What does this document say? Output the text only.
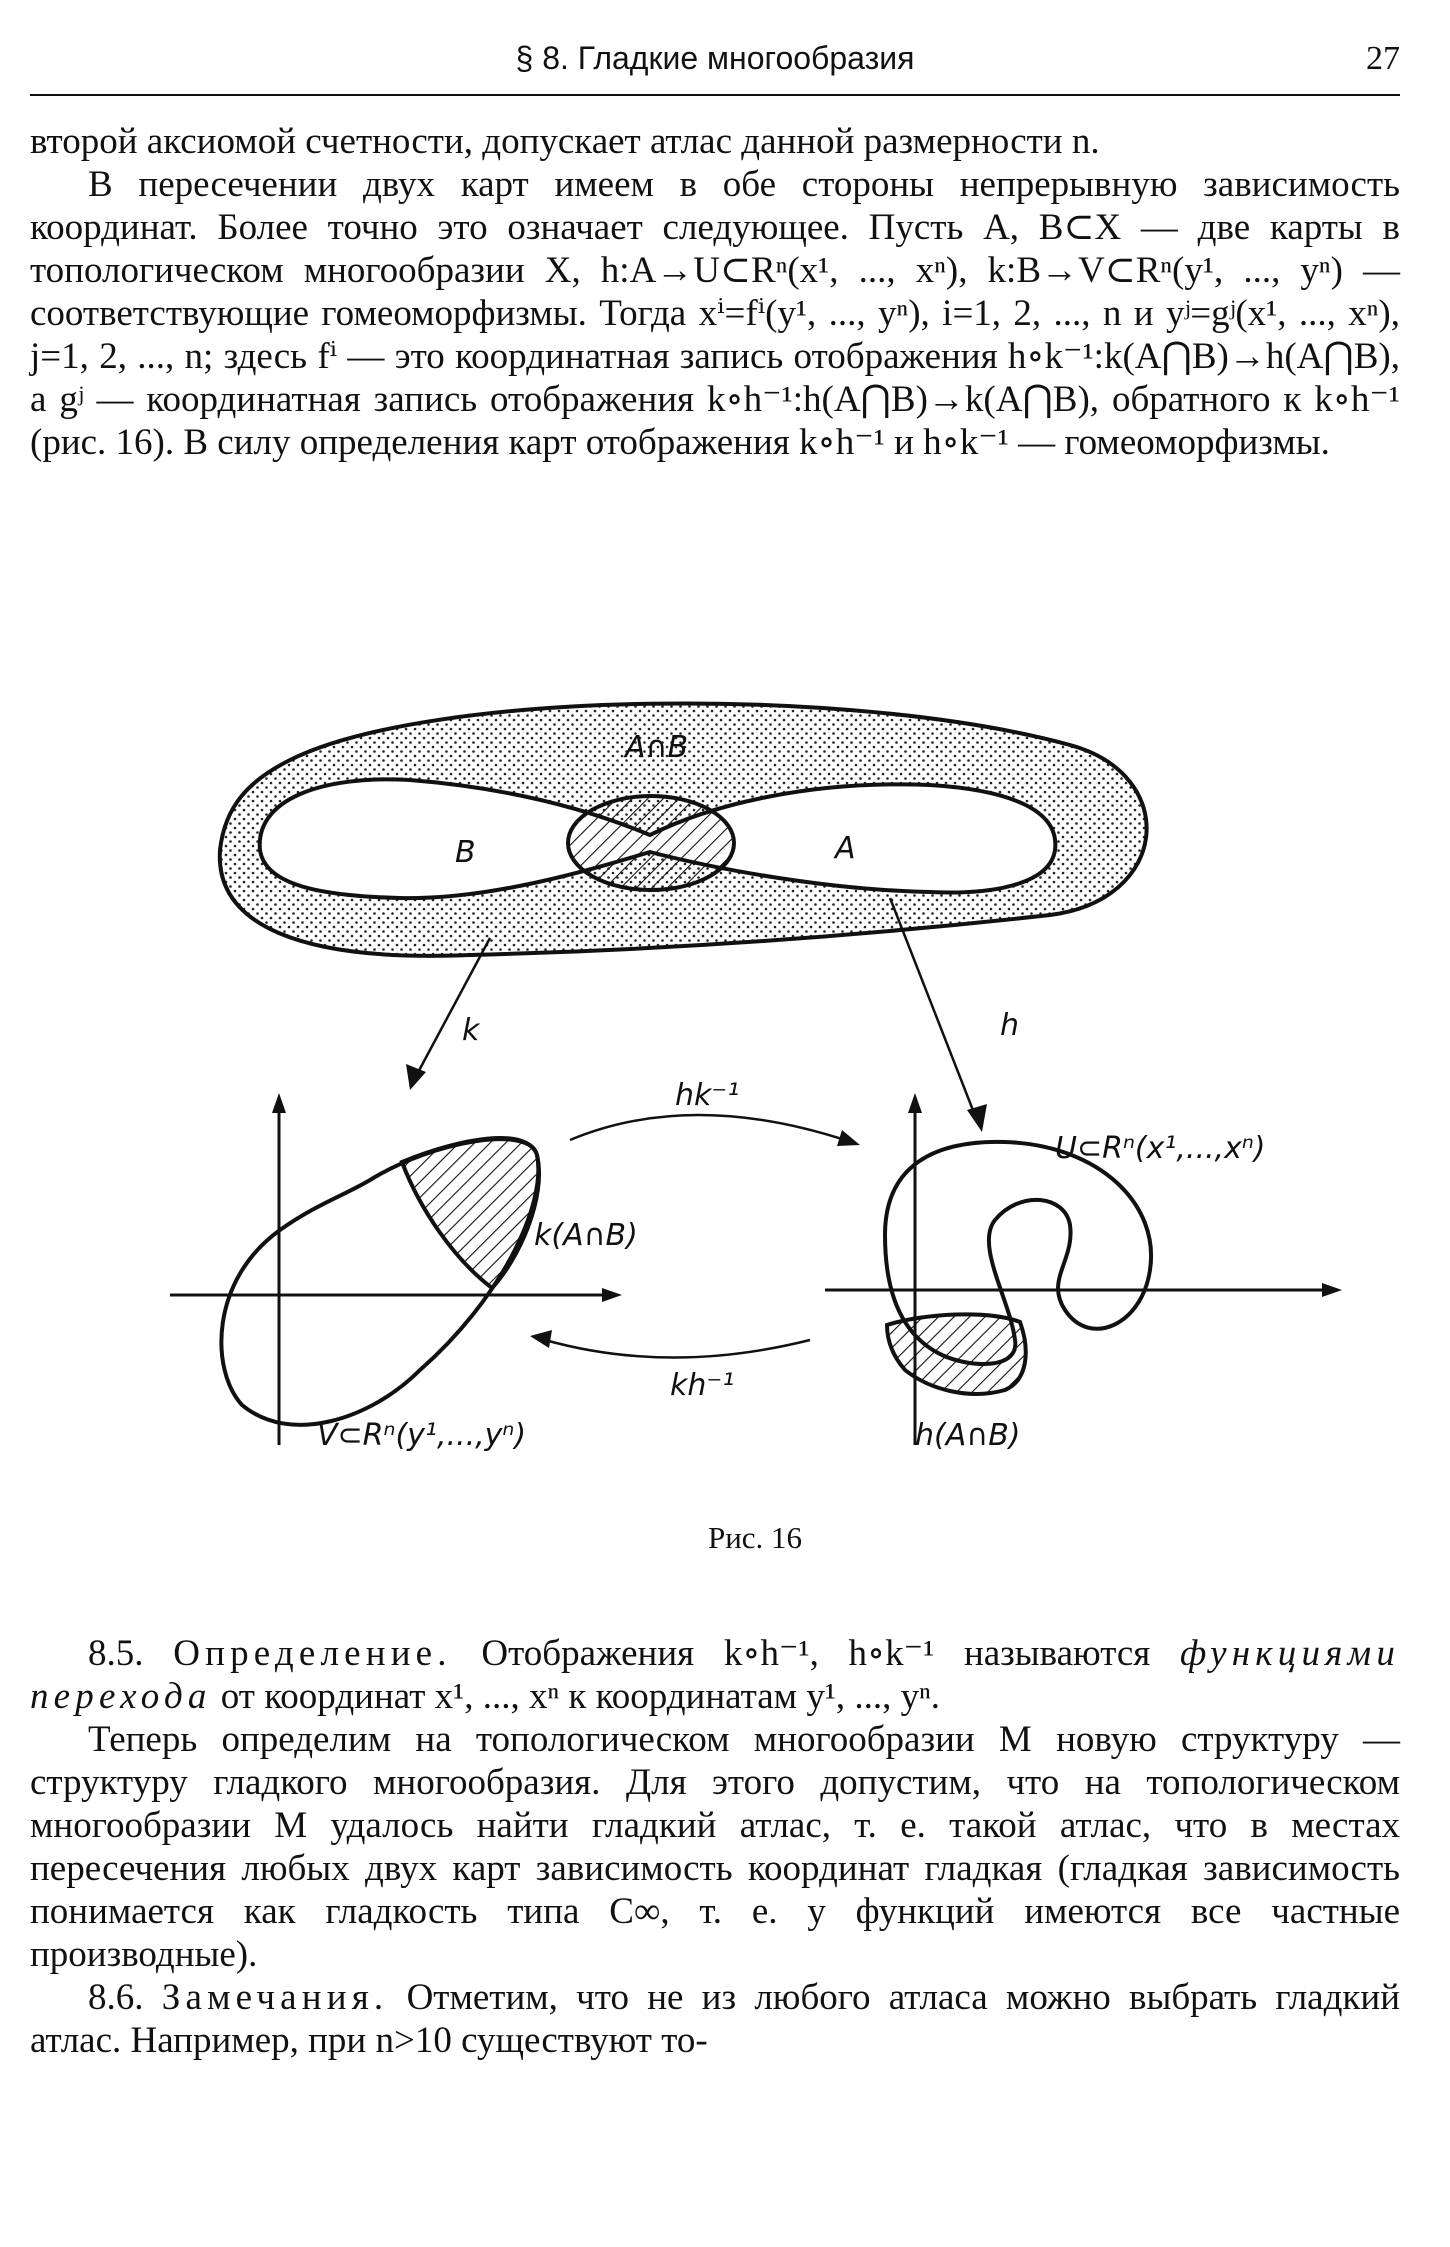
§ 8. Гладкие многообразия	27

второй аксиомой счетности, допускает атлас данной размерности n.

В пересечении двух карт имеем в обе стороны непрерывную зависимость координат. Более точно это означает следующее. Пусть A, B⊂X — две карты в топологическом многообразии X, h:A→U⊂Rⁿ(x¹, ..., xⁿ), k:B→V⊂Rⁿ(y¹, ..., yⁿ) — соответствующие гомеоморфизмы. Тогда xⁱ=fⁱ(y¹, ..., yⁿ), i=1, 2, ..., n и yʲ=gʲ(x¹, ..., xⁿ), j=1, 2, ..., n; здесь fⁱ — это координатная запись отображения h∘k⁻¹:k(A⋂B)→h(A⋂B), а gʲ — координатная запись отображения k∘h⁻¹:h(A⋂B)→k(A⋂B), обратного к k∘h⁻¹ (рис. 16). В силу определения карт отображения k∘h⁻¹ и h∘k⁻¹ — гомеоморфизмы.

A∩B
B	A
k	h
k(A∩B)
V⊂Rⁿ(y¹,...,yⁿ)
hk⁻¹
kh⁻¹
U⊂Rⁿ(x¹,...,xⁿ)
h(A∩B)
Рис. 16

8.5. Определение. Отображения k∘h⁻¹, h∘k⁻¹ называются функциями перехода от координат x¹, ..., xⁿ к координатам y¹, ..., yⁿ.

Теперь определим на топологическом многообразии M новую структуру — структуру гладкого многообразия. Для этого допустим, что на топологическом многообразии M удалось найти гладкий атлас, т. е. такой атлас, что в местах пересечения любых двух карт зависимость координат гладкая (гладкая зависимость понимается как гладкость типа C∞, т. е. у функций имеются все частные производные).

8.6. Замечания. Отметим, что не из любого атласа можно выбрать гладкий атлас. Например, при n>10 существуют то-
